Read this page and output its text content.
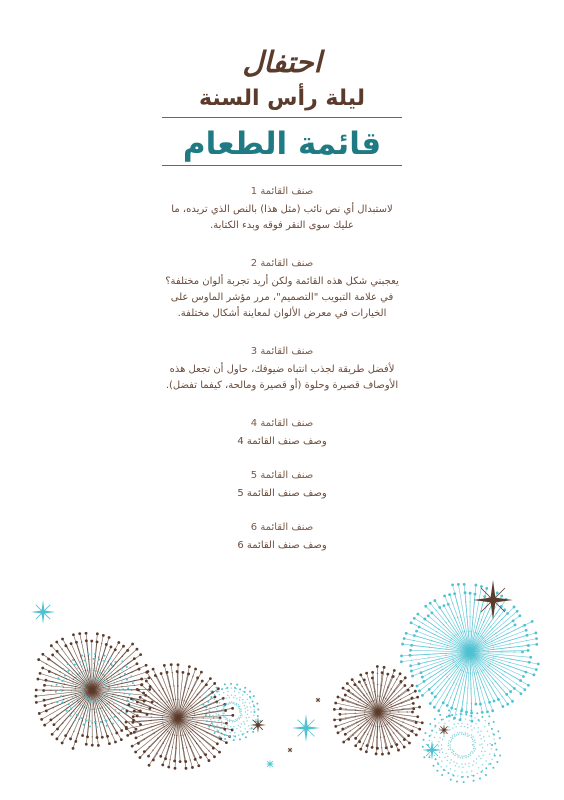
احتفال
ليلة رأس السنة
قائمة الطعام

صنف القائمة 1

لاستبدال أي نص نائب (مثل هذا) بالنص الذي تريده، ما عليك سوى النقر فوقه وبدء الكتابة.

صنف القائمة 2

يعجبني شكل هذه القائمة ولكن أريد تجربة ألوان مختلفة؟ في علامة التبويب "التصميم"، مرر مؤشر الماوس على الخيارات في معرض الألوان لمعاينة أشكال مختلفة.

صنف القائمة 3

لأفضل طريقة لجذب انتباه ضيوفك، حاول أن تجعل هذه الأوصاف قصيرة وحلوة (أو قصيرة ومالحة، كيفما تفضل).

صنف القائمة 4

وصف صنف القائمة 4

صنف القائمة 5

وصف صنف القائمة 5

صنف القائمة 6

وصف صنف القائمة 6
